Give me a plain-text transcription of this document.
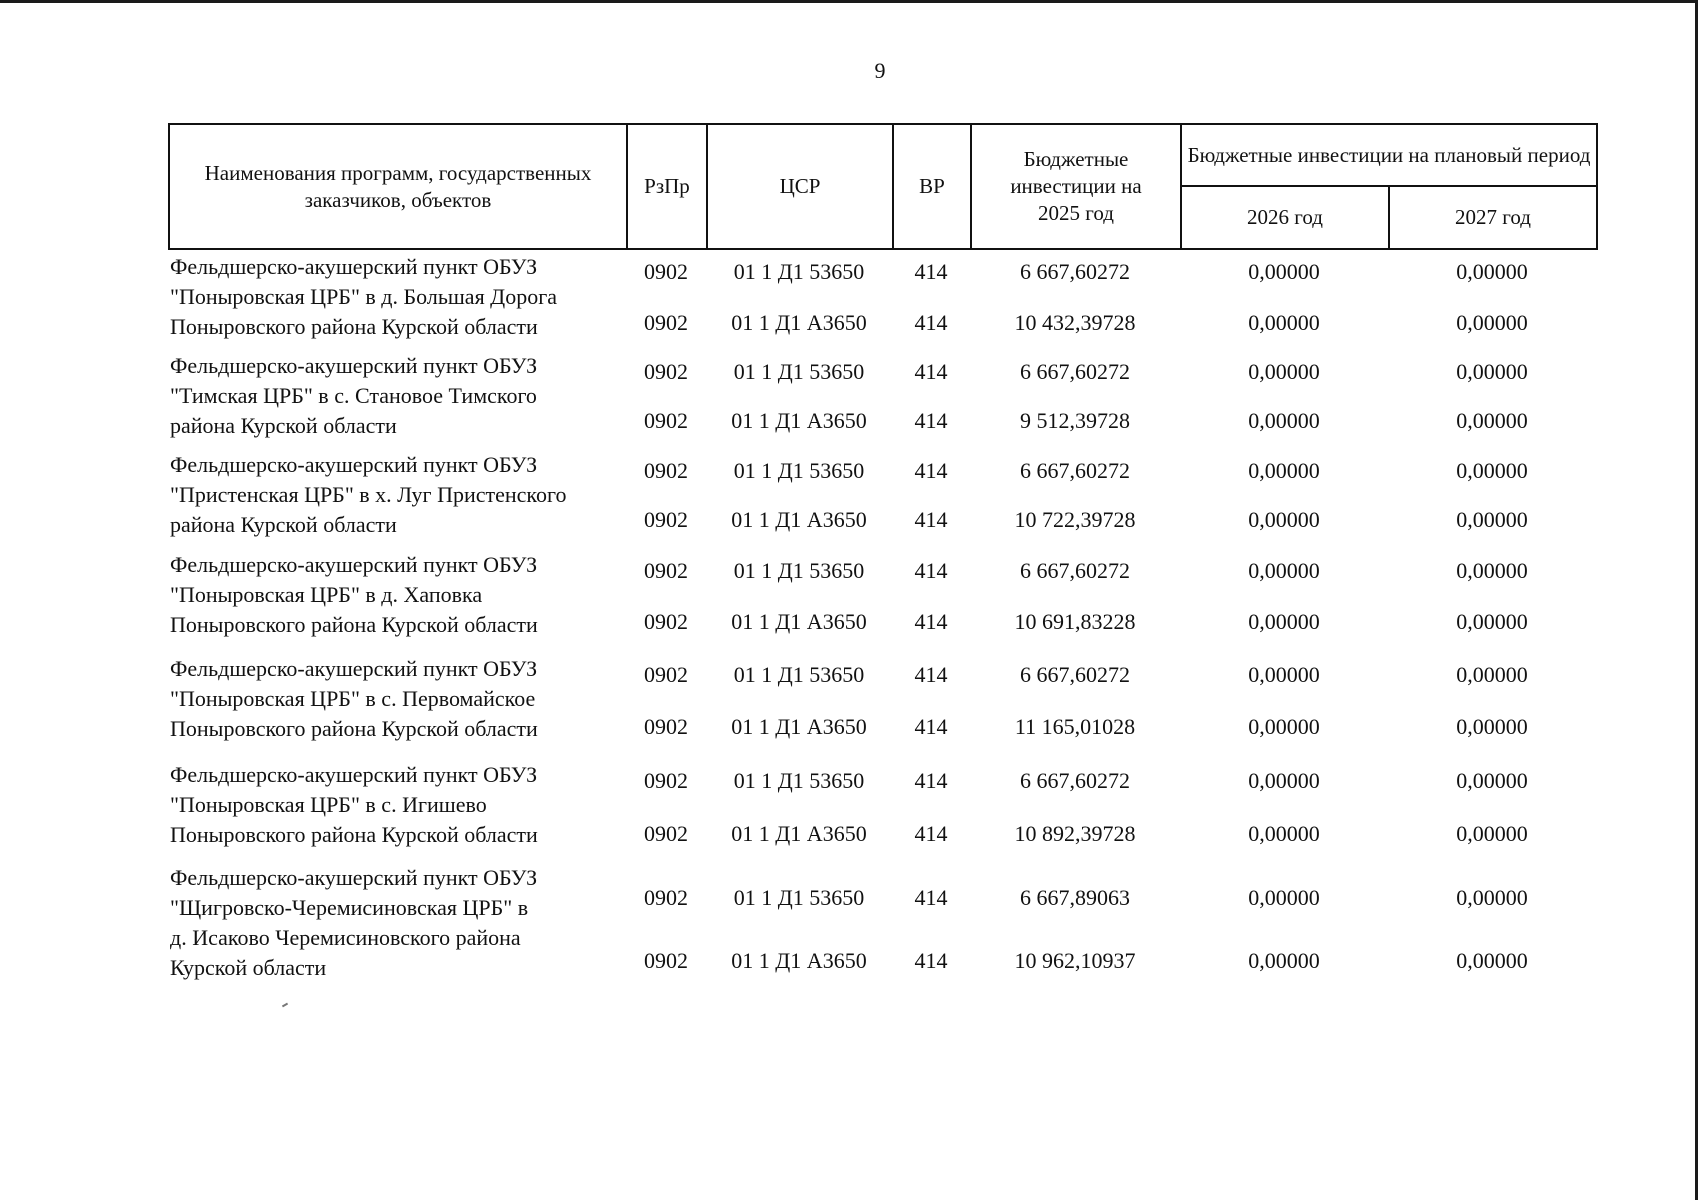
9
Наименования программ, государственных заказчиков, объектов	РзПр	ЦСР	ВР	Бюджетные инвестиции на 2025 год	Бюджетные инвестиции на плановый период	
					2026 год	2027 год
Фельдшерско-акушерский пункт ОБУЗ
"Поныровская ЦРБ" в д. Большая Дорога
Поныровского района Курской области
0902	01 1 Д1 53650	414	6 667,60272	0,00000	0,00000
0902	01 1 Д1 А3650	414	10 432,39728	0,00000	0,00000
Фельдшерско-акушерский пункт ОБУЗ
"Тимская ЦРБ" в с. Становое Тимского
района Курской области
0902	01 1 Д1 53650	414	6 667,60272	0,00000	0,00000
0902	01 1 Д1 А3650	414	9 512,39728	0,00000	0,00000
Фельдшерско-акушерский пункт ОБУЗ
"Пристенская ЦРБ" в х. Луг Пристенского
района Курской области
0902	01 1 Д1 53650	414	6 667,60272	0,00000	0,00000
0902	01 1 Д1 А3650	414	10 722,39728	0,00000	0,00000
Фельдшерско-акушерский пункт ОБУЗ
"Поныровская ЦРБ" в д. Хаповка
Поныровского района Курской области
0902	01 1 Д1 53650	414	6 667,60272	0,00000	0,00000
0902	01 1 Д1 А3650	414	10 691,83228	0,00000	0,00000
Фельдшерско-акушерский пункт ОБУЗ
"Поныровская ЦРБ" в с. Первомайское
Поныровского района Курской области
0902	01 1 Д1 53650	414	6 667,60272	0,00000	0,00000
0902	01 1 Д1 А3650	414	11 165,01028	0,00000	0,00000
Фельдшерско-акушерский пункт ОБУЗ
"Поныровская ЦРБ" в с. Игишево
Поныровского района Курской области
0902	01 1 Д1 53650	414	6 667,60272	0,00000	0,00000
0902	01 1 Д1 А3650	414	10 892,39728	0,00000	0,00000
Фельдшерско-акушерский пункт ОБУЗ
"Щигровско-Черемисиновская ЦРБ" в
д. Исаково Черемисиновского района
Курской области
0902	01 1 Д1 53650	414	6 667,89063	0,00000	0,00000
0902	01 1 Д1 А3650	414	10 962,10937	0,00000	0,00000
